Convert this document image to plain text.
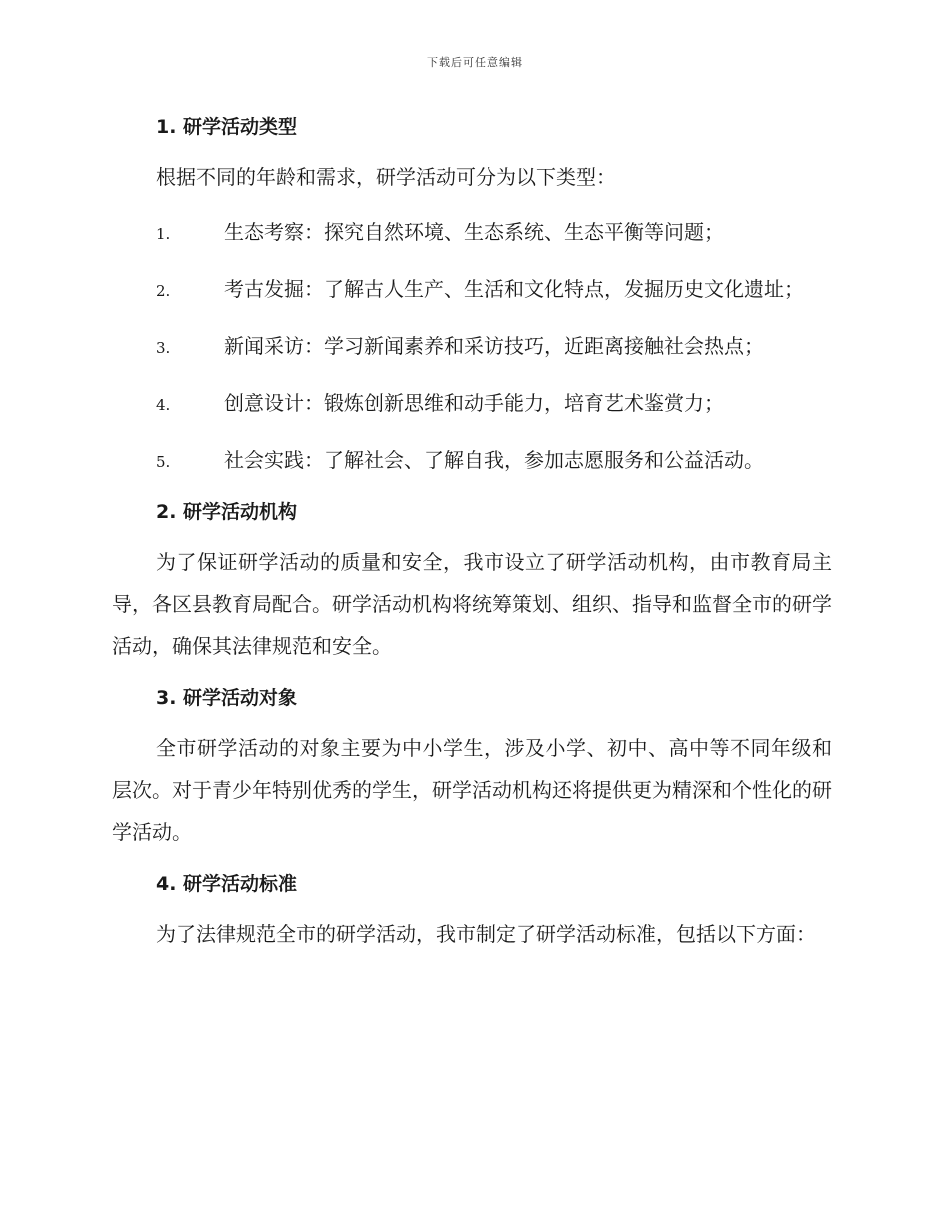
下载后可任意编辑
1. 研学活动类型

根据不同的年龄和需求，研学活动可分为以下类型：

1.	生态考察：探究自然环境、生态系统、生态平衡等问题；
2.	考古发掘：了解古人生产、生活和文化特点，发掘历史文化遗址；
3.	新闻采访：学习新闻素养和采访技巧，近距离接触社会热点；
4.	创意设计：锻炼创新思维和动手能力，培育艺术鉴赏力；
5.	社会实践：了解社会、了解自我，参加志愿服务和公益活动。
2. 研学活动机构

为了保证研学活动的质量和安全，我市设立了研学活动机构，由市教育局主导，各区县教育局配合。研学活动机构将统筹策划、组织、指导和监督全市的研学活动，确保其法律规范和安全。

3. 研学活动对象

全市研学活动的对象主要为中小学生，涉及小学、初中、高中等不同年级和层次。对于青少年特别优秀的学生，研学活动机构还将提供更为精深和个性化的研学活动。

4. 研学活动标准

为了法律规范全市的研学活动，我市制定了研学活动标准，包括以下方面：
